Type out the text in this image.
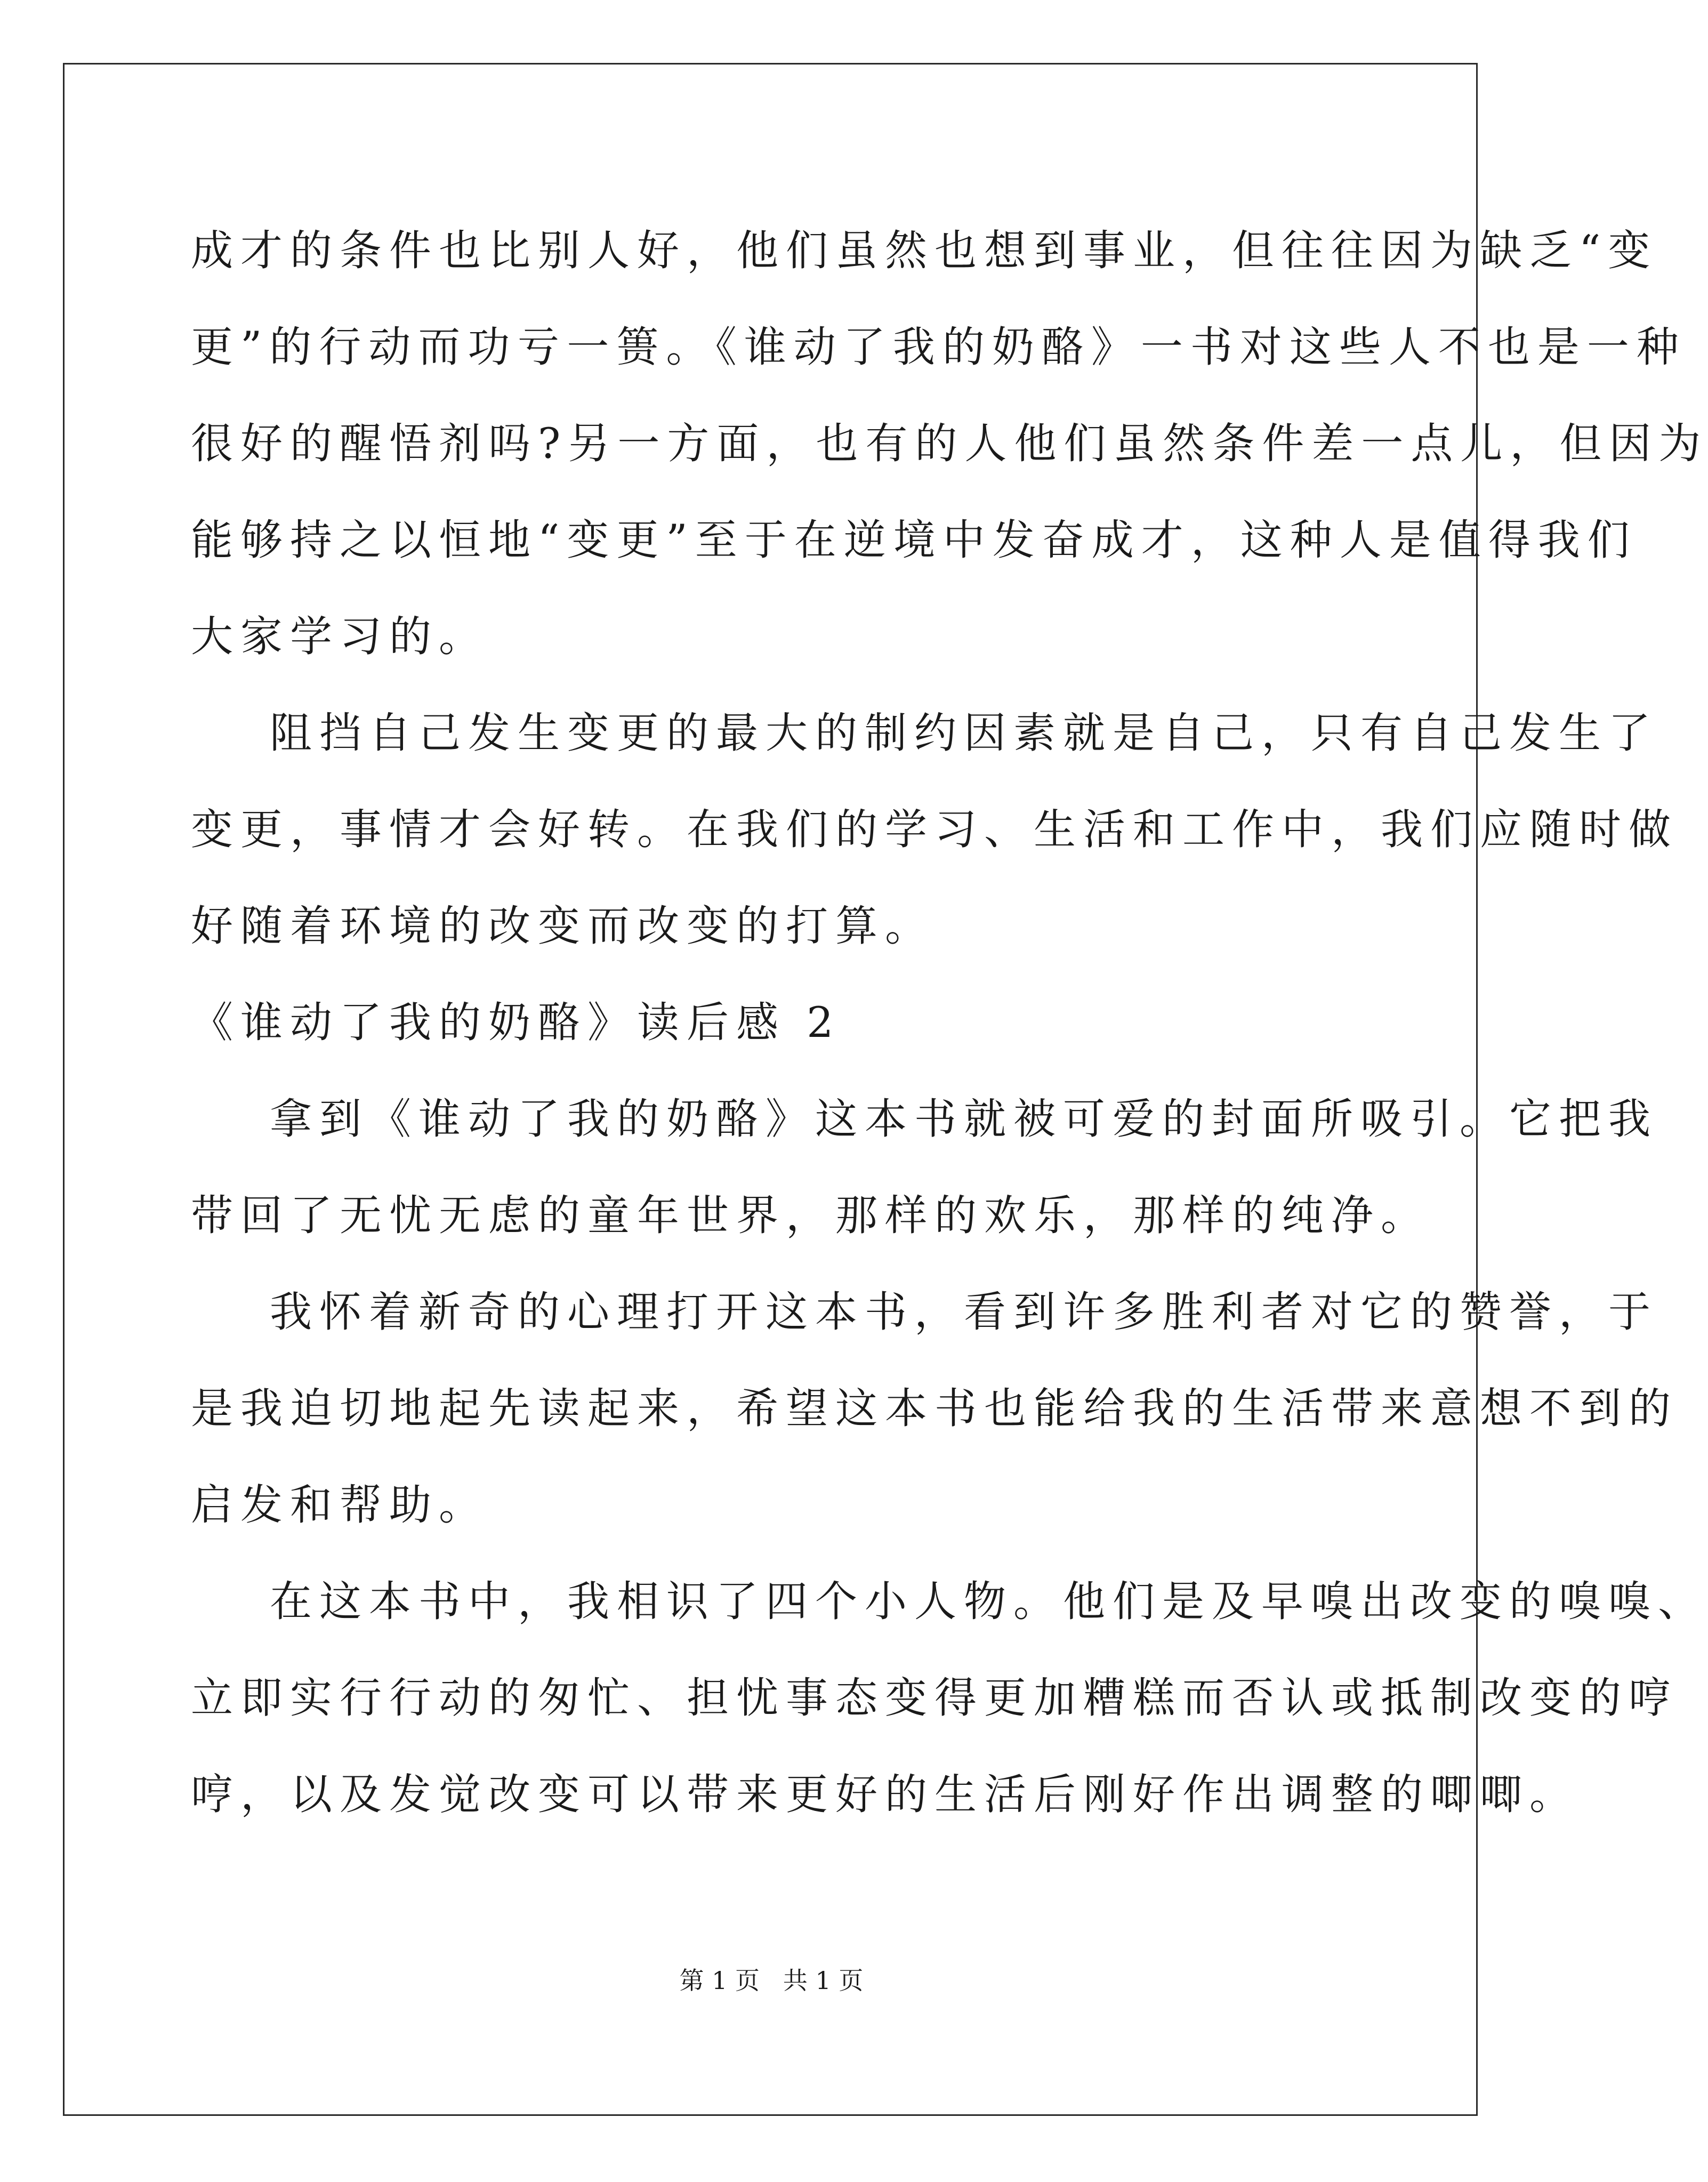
成才的条件也比别人好，他们虽然也想到事业，但往往因为缺乏“变
更”的行动而功亏一篑。《谁动了我的奶酪》一书对这些人不也是一种
很好的醒悟剂吗?另一方面，也有的人他们虽然条件差一点儿，但因为
能够持之以恒地“变更”至于在逆境中发奋成才，这种人是值得我们
大家学习的。
阻挡自己发生变更的最大的制约因素就是自己，只有自己发生了
变更，事情才会好转。在我们的学习、生活和工作中，我们应随时做
好随着环境的改变而改变的打算。
《谁动了我的奶酪》读后感 2
拿到《谁动了我的奶酪》这本书就被可爱的封面所吸引。它把我
带回了无忧无虑的童年世界，那样的欢乐，那样的纯净。
我怀着新奇的心理打开这本书，看到许多胜利者对它的赞誉，于
是我迫切地起先读起来，希望这本书也能给我的生活带来意想不到的
启发和帮助。
在这本书中，我相识了四个小人物。他们是及早嗅出改变的嗅嗅、
立即实行行动的匆忙、担忧事态变得更加糟糕而否认或抵制改变的哼
哼，以及发觉改变可以带来更好的生活后刚好作出调整的唧唧。
第 1 页   共 1 页
